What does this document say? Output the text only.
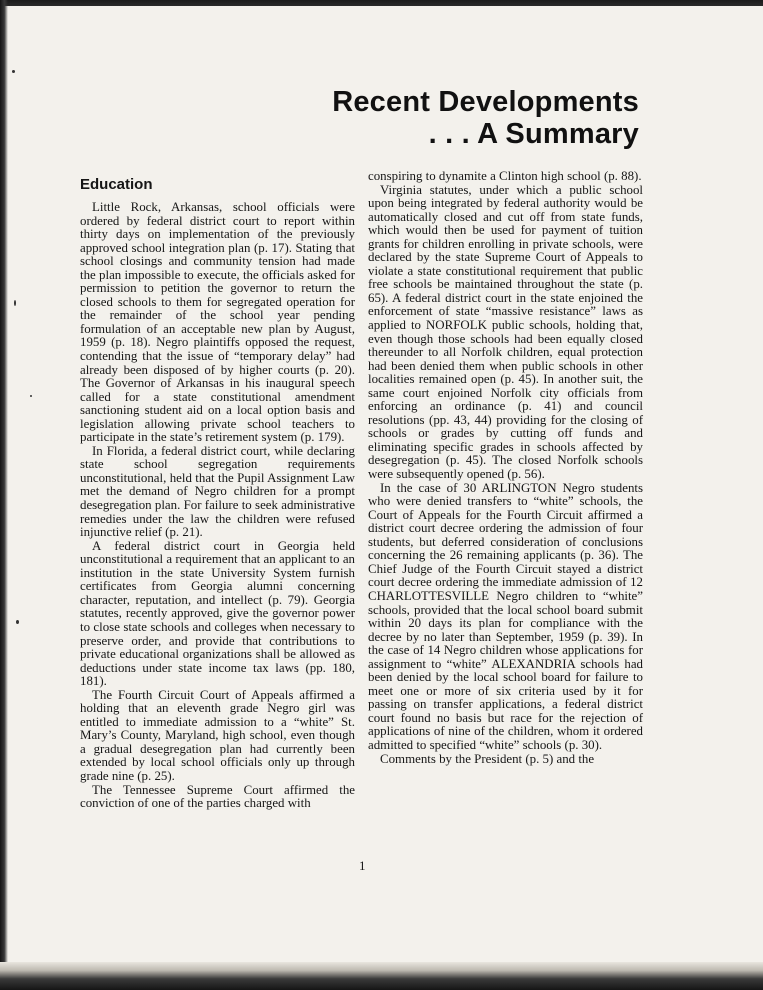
Recent Developments
. . . A Summary
Education

Little Rock, Arkansas, school officials were ordered by federal district court to report within thirty days on implementation of the previously approved school integration plan (p. 17). Stating that school closings and community tension had made the plan impossible to execute, the officials asked for permission to petition the governor to return the closed schools to them for segregated operation for the remainder of the school year pending formulation of an acceptable new plan by August, 1959 (p. 18). Negro plaintiffs opposed the request, contending that the issue of “temporary delay” had already been disposed of by higher courts (p. 20). The Governor of Arkansas in his inaugural speech called for a state constitutional amendment sanctioning student aid on a local option basis and legislation allowing private school teachers to participate in the state’s retirement system (p. 179).

In Florida, a federal district court, while declaring state school segregation requirements unconstitutional, held that the Pupil Assignment Law met the demand of Negro children for a prompt desegregation plan. For failure to seek administrative remedies under the law the children were refused injunctive relief (p. 21).

A federal district court in Georgia held unconstitutional a requirement that an applicant to an institution in the state University System furnish certificates from Georgia alumni concerning character, reputation, and intellect (p. 79). Georgia statutes, recently approved, give the governor power to close state schools and colleges when necessary to preserve order, and provide that contributions to private educational organizations shall be allowed as deductions under state income tax laws (pp. 180, 181).

The Fourth Circuit Court of Appeals affirmed a holding that an eleventh grade Negro girl was entitled to immediate admission to a “white” St. Mary’s County, Maryland, high school, even though a gradual desegregation plan had currently been extended by local school officials only up through grade nine (p. 25).

The Tennessee Supreme Court affirmed the conviction of one of the parties charged with

conspiring to dynamite a Clinton high school (p. 88).

Virginia statutes, under which a public school upon being integrated by federal authority would be automatically closed and cut off from state funds, which would then be used for payment of tuition grants for children enrolling in private schools, were declared by the state Supreme Court of Appeals to violate a state constitutional requirement that public free schools be maintained throughout the state (p. 65). A federal district court in the state enjoined the enforcement of state “massive resistance” laws as applied to NORFOLK public schools, holding that, even though those schools had been equally closed thereunder to all Norfolk children, equal protection had been denied them when public schools in other localities remained open (p. 45). In another suit, the same court enjoined Norfolk city officials from enforcing an ordinance (p. 41) and council resolutions (pp. 43, 44) providing for the closing of schools or grades by cutting off funds and eliminating specific grades in schools affected by desegregation (p. 45). The closed Norfolk schools were subsequently opened (p. 56).

In the case of 30 ARLINGTON Negro students who were denied transfers to “white” schools, the Court of Appeals for the Fourth Circuit affirmed a district court decree ordering the admission of four students, but deferred consideration of conclusions concerning the 26 remaining applicants (p. 36). The Chief Judge of the Fourth Circuit stayed a district court decree ordering the immediate admission of 12 CHARLOTTESVILLE Negro children to “white” schools, provided that the local school board submit within 20 days its plan for compliance with the decree by no later than September, 1959 (p. 39). In the case of 14 Negro children whose applications for assignment to “white” ALEXANDRIA schools had been denied by the local school board for failure to meet one or more of six criteria used by it for passing on transfer applications, a federal district court found no basis but race for the rejection of applications of nine of the children, whom it ordered admitted to specified “white” schools (p. 30).

Comments by the President (p. 5) and the

1
